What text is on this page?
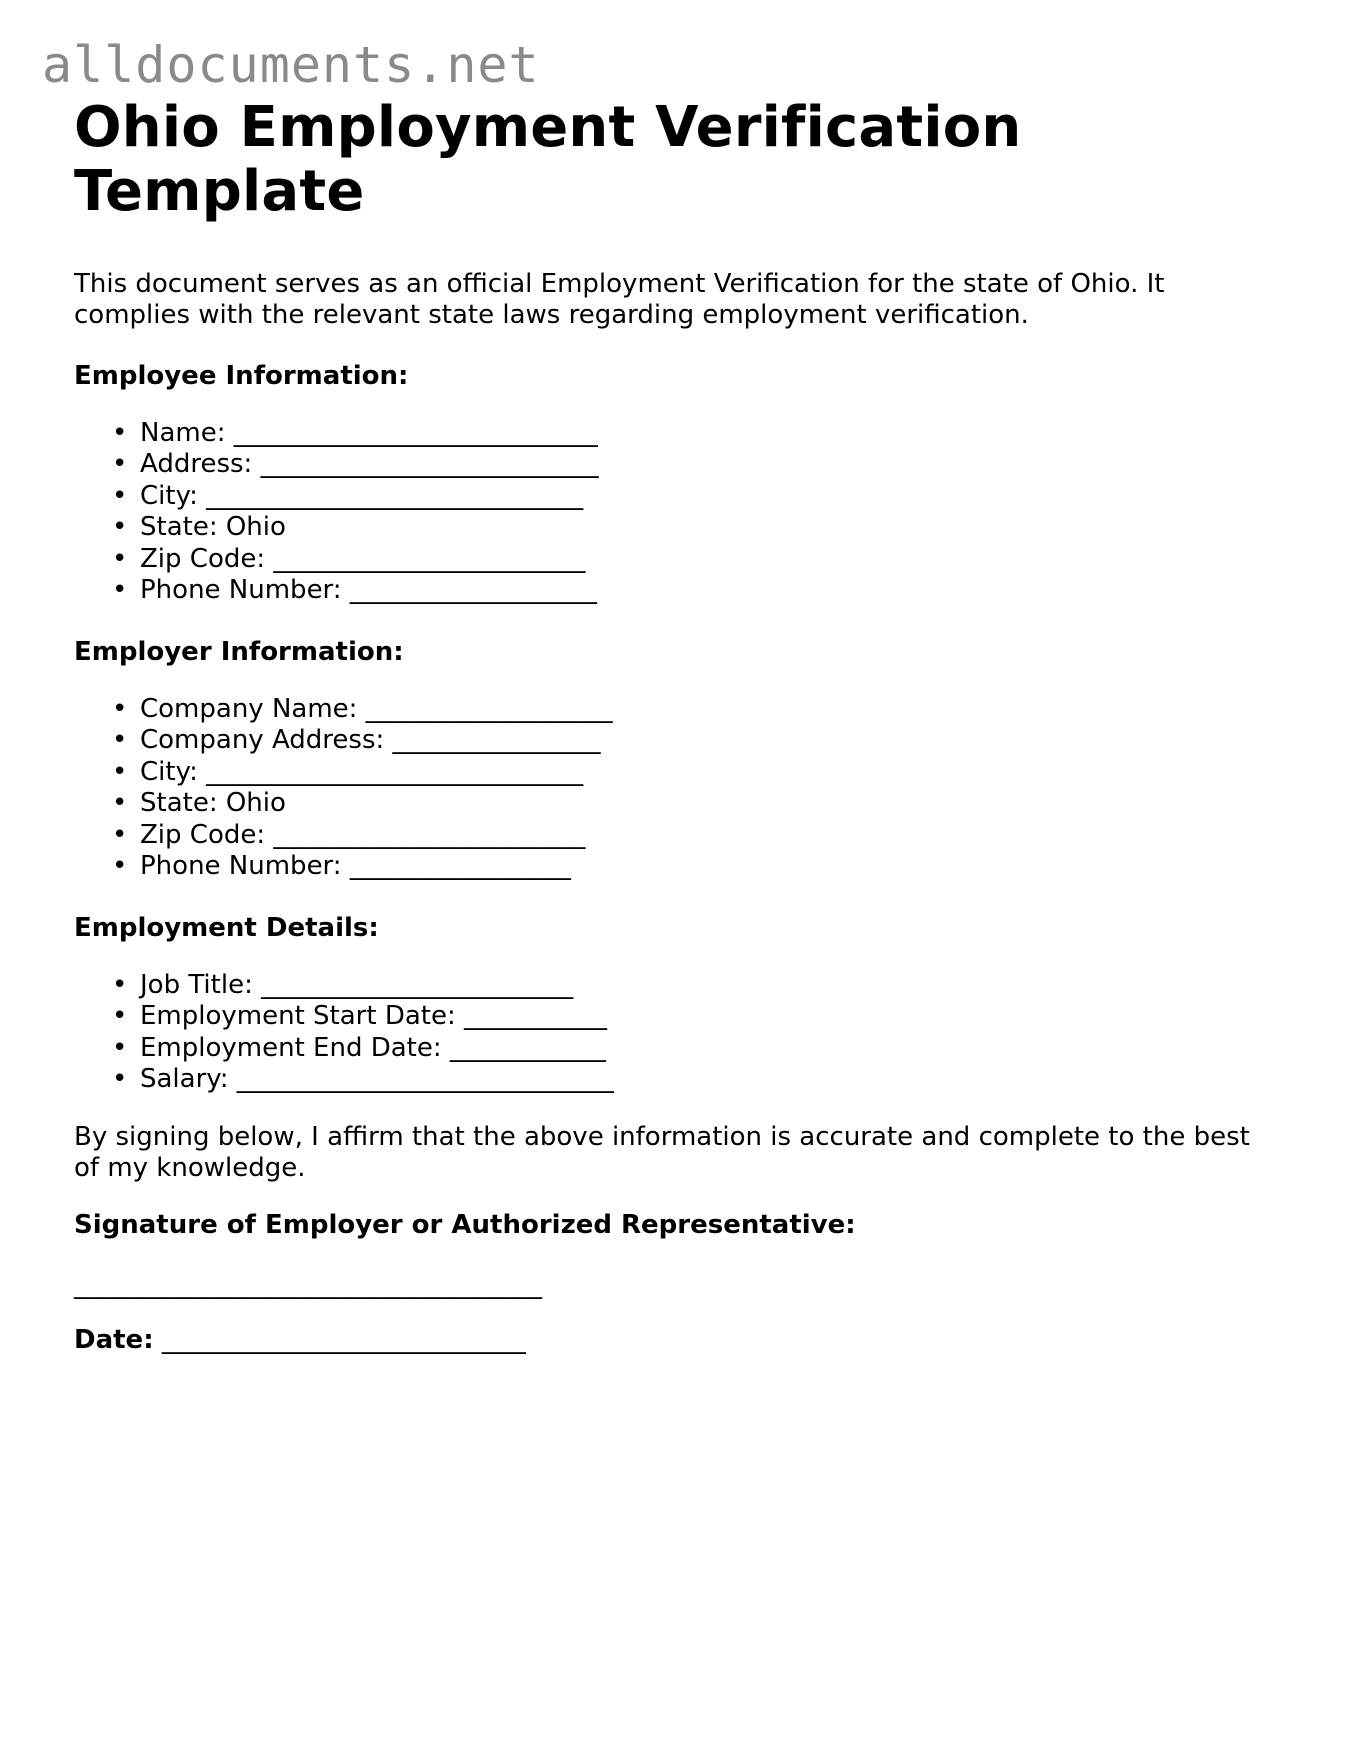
alldocuments.net
Ohio Employment Verification Template

This document serves as an official Employment Verification for the state of Ohio. It complies with the relevant state laws regarding employment verification.

Employee Information:
• Name: ____________________________
• Address: __________________________
• City: _____________________________
• State: Ohio
• Zip Code: ________________________
• Phone Number: ___________________
Employer Information:
• Company Name: ___________________
• Company Address: ________________
• City: _____________________________
• State: Ohio
• Zip Code: ________________________
• Phone Number: _________________
Employment Details:
• Job Title: ________________________
• Employment Start Date: ___________
• Employment End Date: ____________
• Salary: _____________________________

By signing below, I affirm that the above information is accurate and complete to the best of my knowledge.

Signature of Employer or Authorized Representative:
____________________________________
Date: ____________________________
